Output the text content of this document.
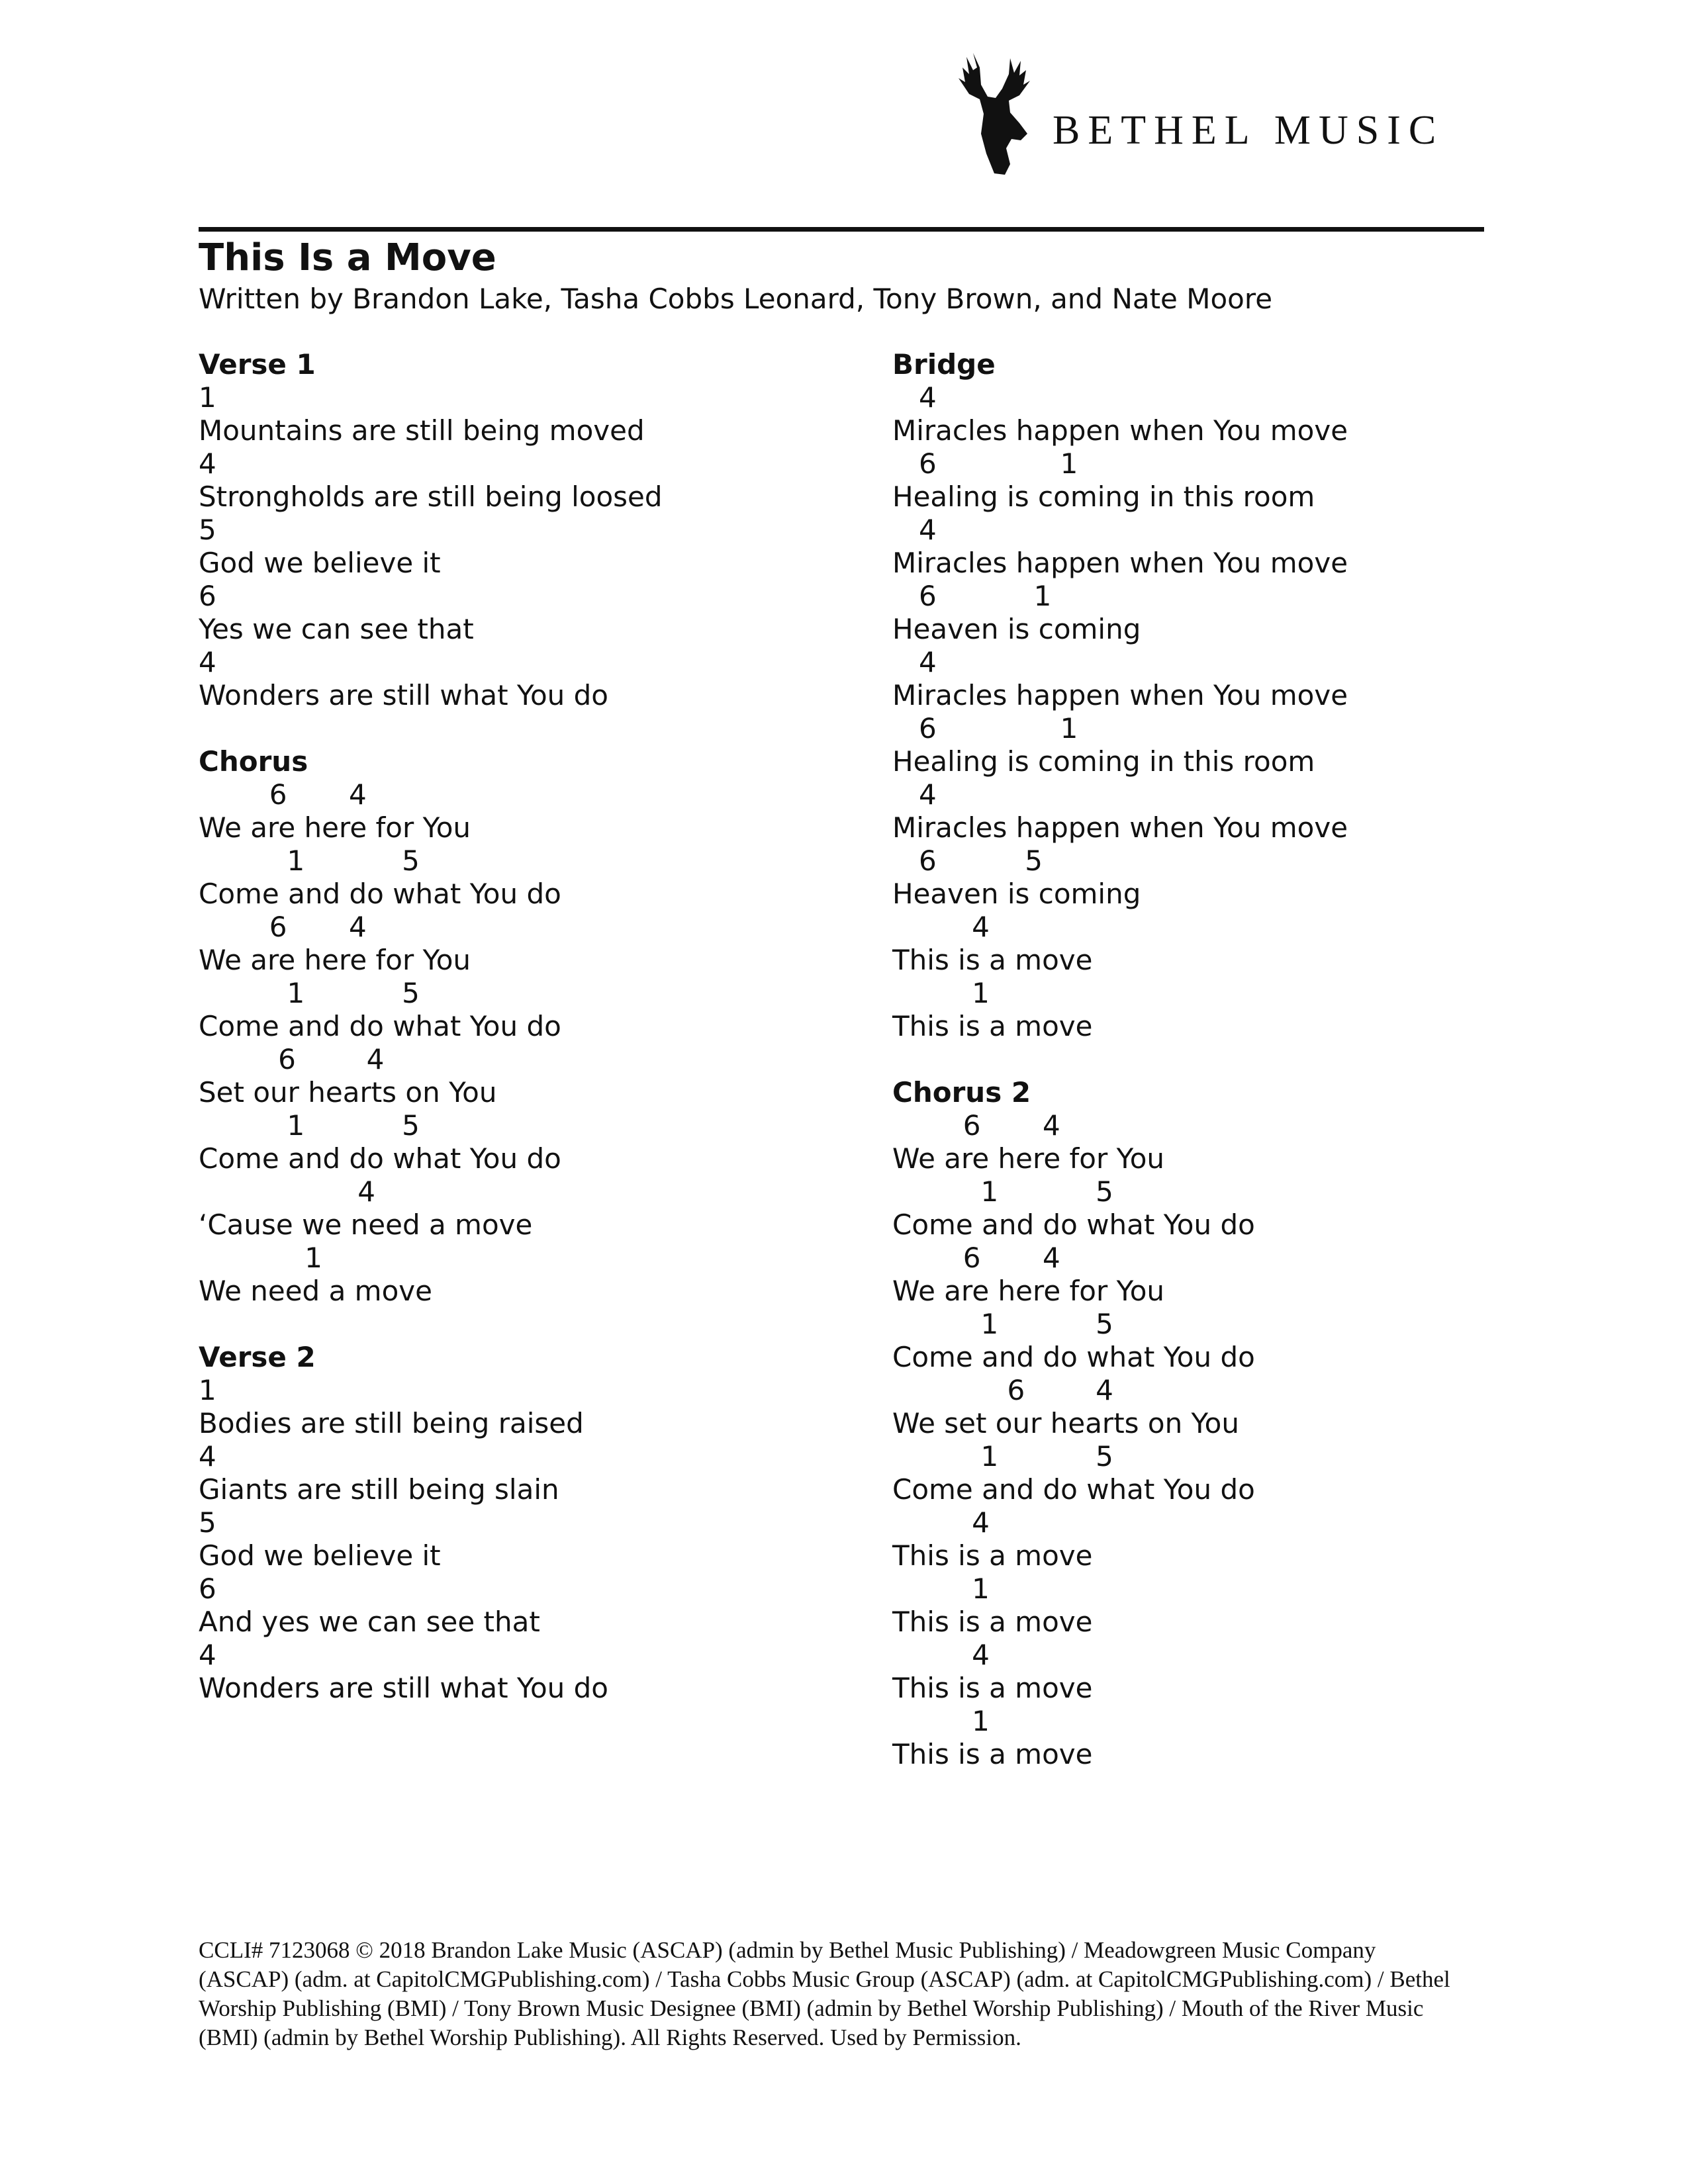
BETHEL MUSIC
This Is a Move
Written by Brandon Lake, Tasha Cobbs Leonard, Tony Brown, and Nate Moore
Verse 1
1
Mountains are still being moved
4
Strongholds are still being loosed
5
God we believe it
6
Yes we can see that
4
Wonders are still what You do
Chorus
6       4
We are here for You
1           5
Come and do what You do
6       4
We are here for You
1           5
Come and do what You do
6        4
Set our hearts on You
1           5
Come and do what You do
4
‘Cause we need a move
1
We need a move
Verse 2
1
Bodies are still being raised
4
Giants are still being slain
5
God we believe it
6
And yes we can see that
4
Wonders are still what You do
Bridge
4
Miracles happen when You move
6              1
Healing is coming in this room
4
Miracles happen when You move
6           1
Heaven is coming
4
Miracles happen when You move
6              1
Healing is coming in this room
4
Miracles happen when You move
6          5
Heaven is coming
4
This is a move
1
This is a move
Chorus 2
6       4
We are here for You
1           5
Come and do what You do
6       4
We are here for You
1           5
Come and do what You do
6        4
We set our hearts on You
1           5
Come and do what You do
4
This is a move
1
This is a move
4
This is a move
1
This is a move
CCLI# 7123068 © 2018 Brandon Lake Music (ASCAP) (admin by Bethel Music Publishing) / Meadowgreen Music Company (ASCAP) (adm. at CapitolCMGPublishing.com) / Tasha Cobbs Music Group (ASCAP) (adm. at CapitolCMGPublishing.com) / Bethel Worship Publishing (BMI) / Tony Brown Music Designee (BMI) (admin by Bethel Worship Publishing) / Mouth of the River Music (BMI) (admin by Bethel Worship Publishing). All Rights Reserved. Used by Permission.
